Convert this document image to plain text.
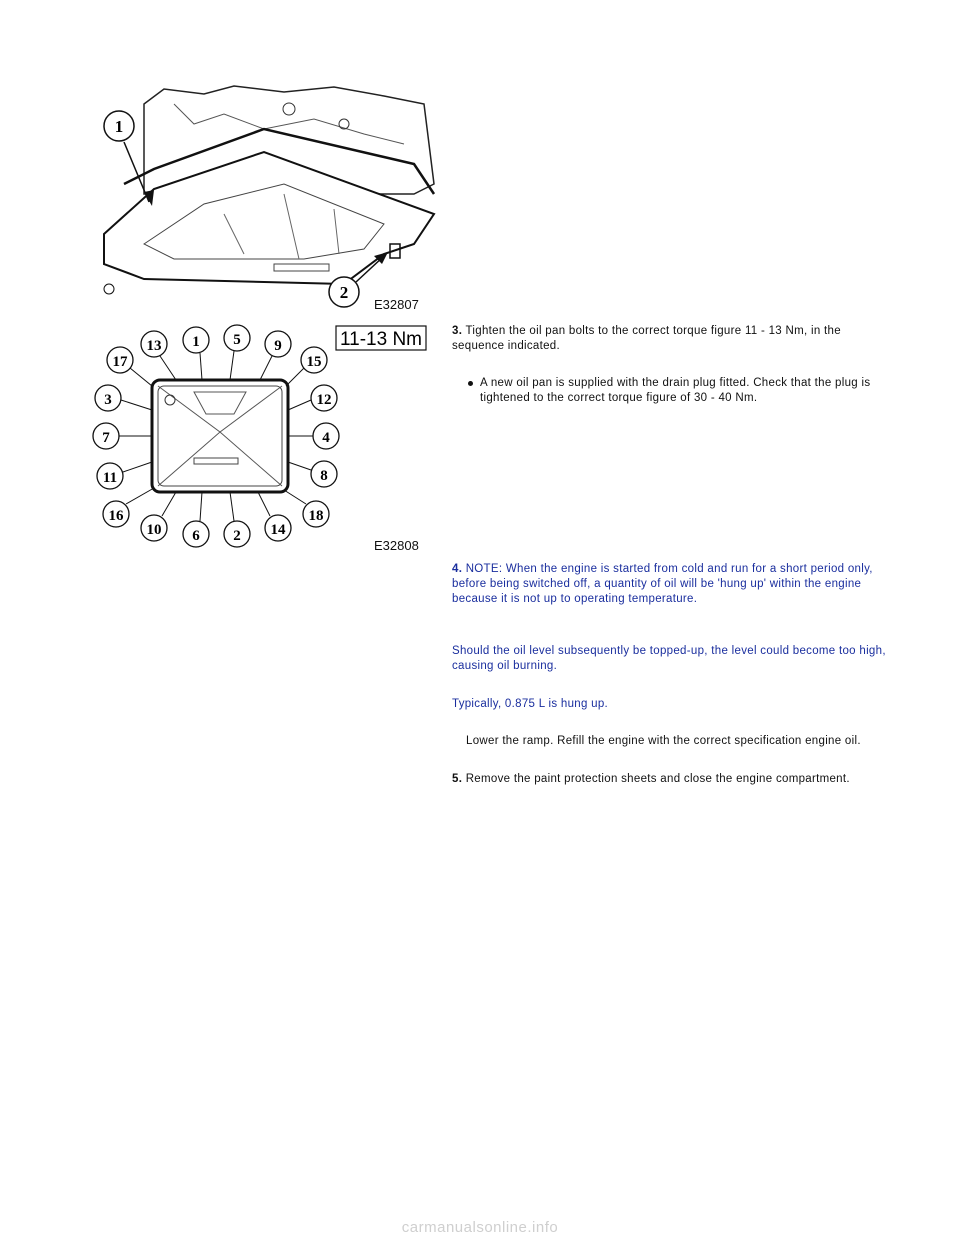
1
2
E32807
11-13 Nm
13 1 5 9
17	15
3	12
7	4
11	8
16	18
10 6 2 14
E32808
3. Tighten the oil pan bolts to the correct torque figure 11 - 13 Nm, in the sequence indicated.
A new oil pan is supplied with the drain plug fitted. Check that the plug is tightened to the correct torque figure of 30 - 40 Nm.
4. NOTE: When the engine is started from cold and run for a short period only, before being switched off, a quantity of oil will be 'hung up' within the engine because it is not up to operating temperature.
Should the oil level subsequently be topped-up, the level could become too high, causing oil burning.
Typically, 0.875 L is hung up.
Lower the ramp. Refill the engine with the correct specification engine oil.
5. Remove the paint protection sheets and close the engine compartment.
carmanualsonline.info
